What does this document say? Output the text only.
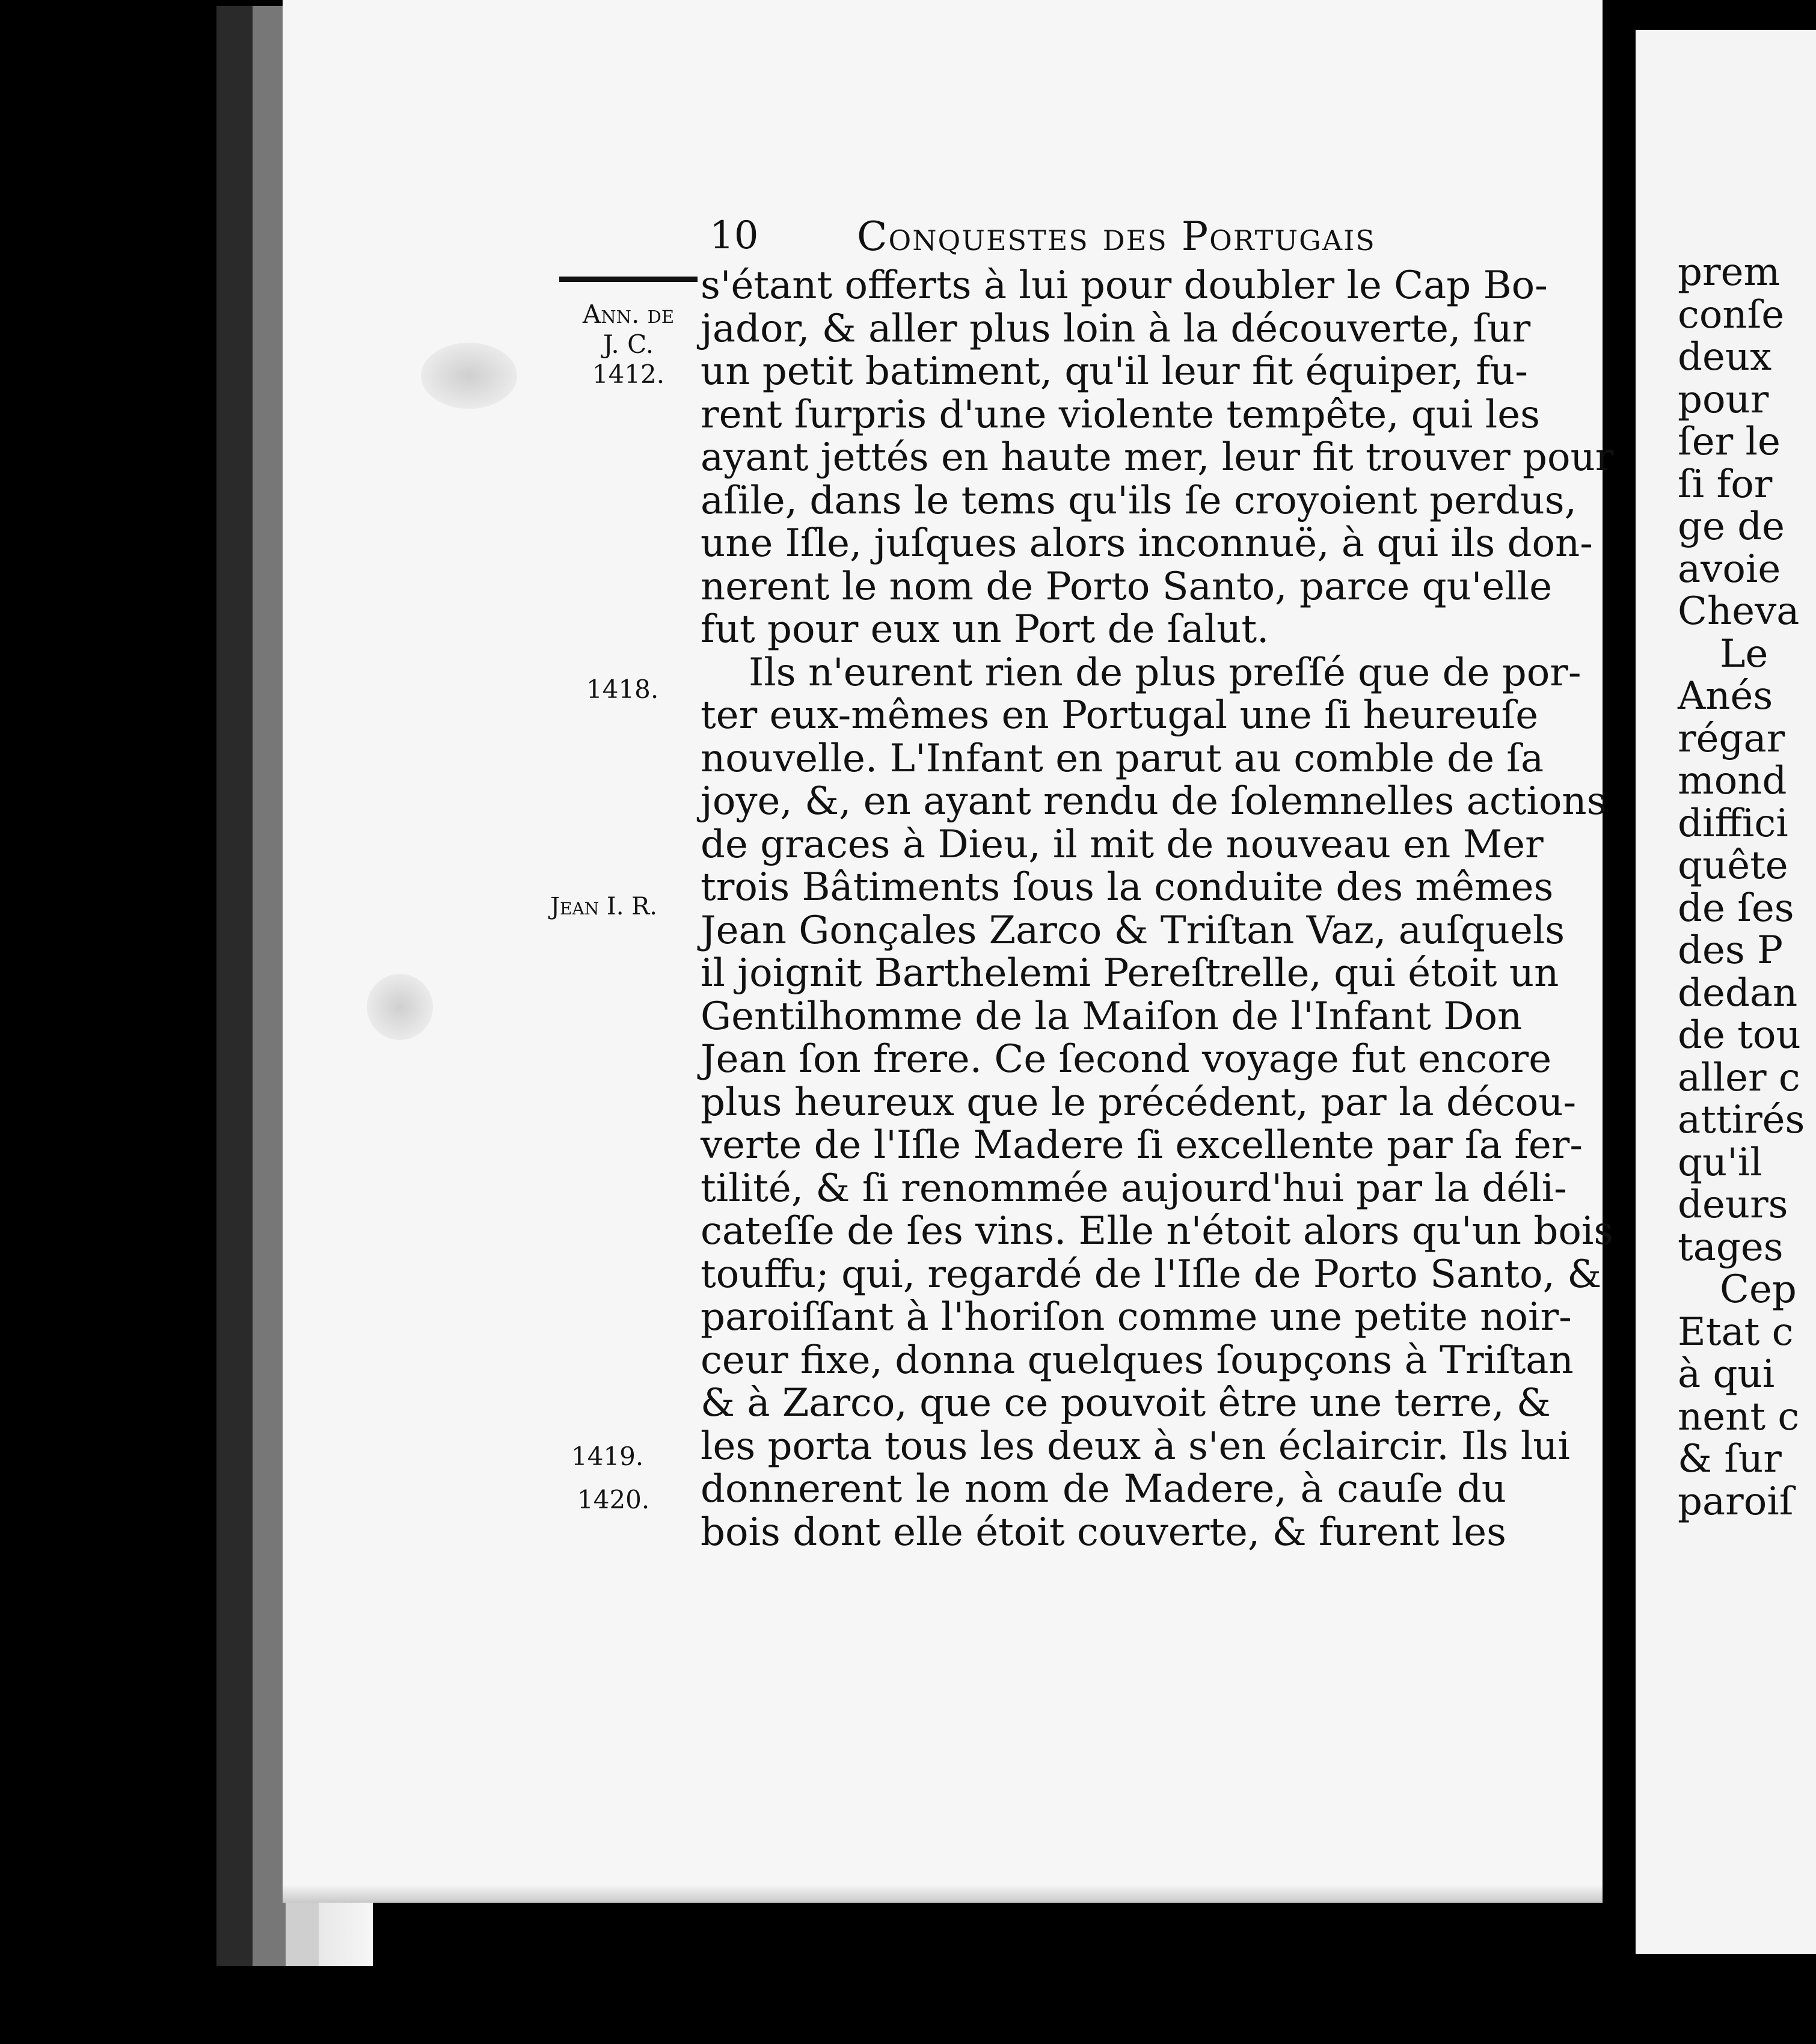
10 Conquestes des Portugais
Ann. de
J. C.
1412.
1418.
Jean I. R.
1419.
1420.
s'étant offerts à lui pour doubler le Cap Bo-
jador, & aller plus loin à la découverte, ſur
un petit batiment, qu'il leur fit équiper, fu-
rent ſurpris d'une violente tempête, qui les
ayant jettés en haute mer, leur fit trouver pour
aſile, dans le tems qu'ils ſe croyoient perdus,
une Iſle, juſques alors inconnuë, à qui ils don-
nerent le nom de Porto Santo, parce qu'elle
fut pour eux un Port de ſalut.
Ils n'eurent rien de plus preſſé que de por-
ter eux-mêmes en Portugal une ſi heureuſe
nouvelle. L'Infant en parut au comble de ſa
joye, &, en ayant rendu de ſolemnelles actions
de graces à Dieu, il mit de nouveau en Mer
trois Bâtiments ſous la conduite des mêmes
Jean Gonçales Zarco & Triſtan Vaz, auſquels
il joignit Barthelemi Pereſtrelle, qui étoit un
Gentilhomme de la Maiſon de l'Infant Don
Jean ſon frere. Ce ſecond voyage fut encore
plus heureux que le précédent, par la décou-
verte de l'Iſle Madere ſi excellente par ſa fer-
tilité, & ſi renommée aujourd'hui par la déli-
cateſſe de ſes vins. Elle n'étoit alors qu'un bois
touffu; qui, regardé de l'Iſle de Porto Santo, &
paroiſſant à l'horiſon comme une petite noir-
ceur fixe, donna quelques ſoupçons à Triſtan
& à Zarco, que ce pouvoit être une terre, &
les porta tous les deux à s'en éclaircir. Ils lui
donnerent le nom de Madere, à cauſe du
bois dont elle étoit couverte, & furent les
prem
conſe
deux
pour
ſer le
ſi for
ge de
avoie
Cheva
Le
Anés
régar
mond
diffici
quête
de ſes
des P
dedan
de tou
aller c
attirés
qu'il
deurs
tages
Cep
Etat c
à qui
nent c
& ſur
paroiſ
